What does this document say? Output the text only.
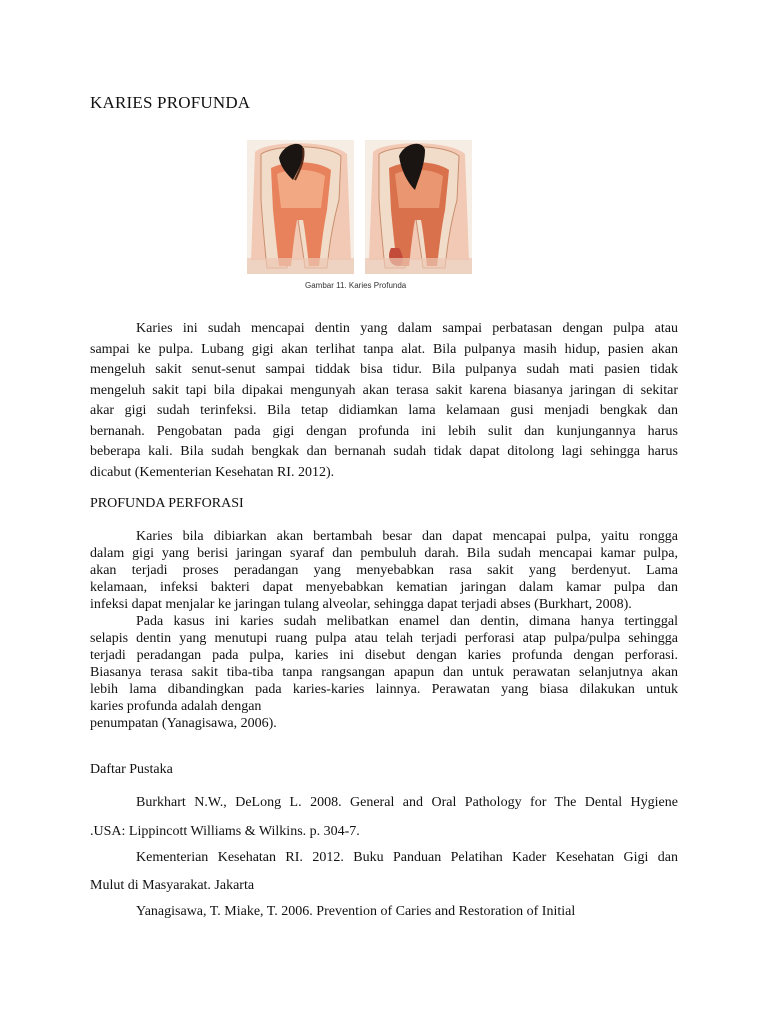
KARIES PROFUNDA
Gambar 11. Karies Profunda
Karies ini sudah mencapai dentin yang dalam sampai perbatasan dengan pulpa atau
sampai ke pulpa. Lubang gigi akan terlihat tanpa alat. Bila pulpanya masih hidup, pasien akan
mengeluh sakit senut-senut sampai tiddak bisa tidur. Bila pulpanya sudah mati pasien tidak
mengeluh sakit tapi bila dipakai mengunyah akan terasa sakit karena biasanya jaringan di sekitar
akar gigi sudah terinfeksi. Bila tetap didiamkan lama kelamaan gusi menjadi bengkak dan
bernanah. Pengobatan pada gigi dengan profunda ini lebih sulit dan kunjungannya harus
beberapa kali. Bila sudah bengkak dan bernanah sudah tidak dapat ditolong lagi sehingga harus
dicabut (Kementerian Kesehatan RI. 2012).
PROFUNDA PERFORASI
Karies bila dibiarkan akan bertambah besar dan dapat mencapai pulpa, yaitu rongga
dalam gigi yang berisi jaringan syaraf dan pembuluh darah. Bila sudah mencapai kamar pulpa,
akan terjadi proses peradangan yang menyebabkan rasa sakit yang berdenyut. Lama
kelamaan, infeksi bakteri dapat menyebabkan kematian jaringan dalam kamar pulpa dan
infeksi dapat menjalar ke jaringan tulang alveolar, sehingga dapat terjadi abses (Burkhart, 2008).
Pada kasus ini karies sudah melibatkan enamel dan dentin, dimana hanya tertinggal
selapis dentin yang menutupi ruang pulpa atau telah terjadi perforasi atap pulpa/pulpa sehingga
terjadi peradangan pada pulpa, karies ini disebut dengan karies profunda dengan perforasi.
Biasanya terasa sakit tiba-tiba tanpa rangsangan apapun dan untuk perawatan selanjutnya akan
lebih lama dibandingkan pada karies-karies lainnya. Perawatan yang biasa dilakukan untuk
karies profunda adalah dengan
penumpatan (Yanagisawa, 2006).
Daftar Pustaka
Burkhart N.W., DeLong L. 2008. General and Oral Pathology for The Dental Hygiene
.USA: Lippincott Williams & Wilkins. p. 304-7.
Kementerian Kesehatan RI. 2012. Buku Panduan Pelatihan Kader Kesehatan Gigi dan
Mulut di Masyarakat. Jakarta
Yanagisawa, T. Miake, T. 2006. Prevention of Caries and Restoration of Initial
